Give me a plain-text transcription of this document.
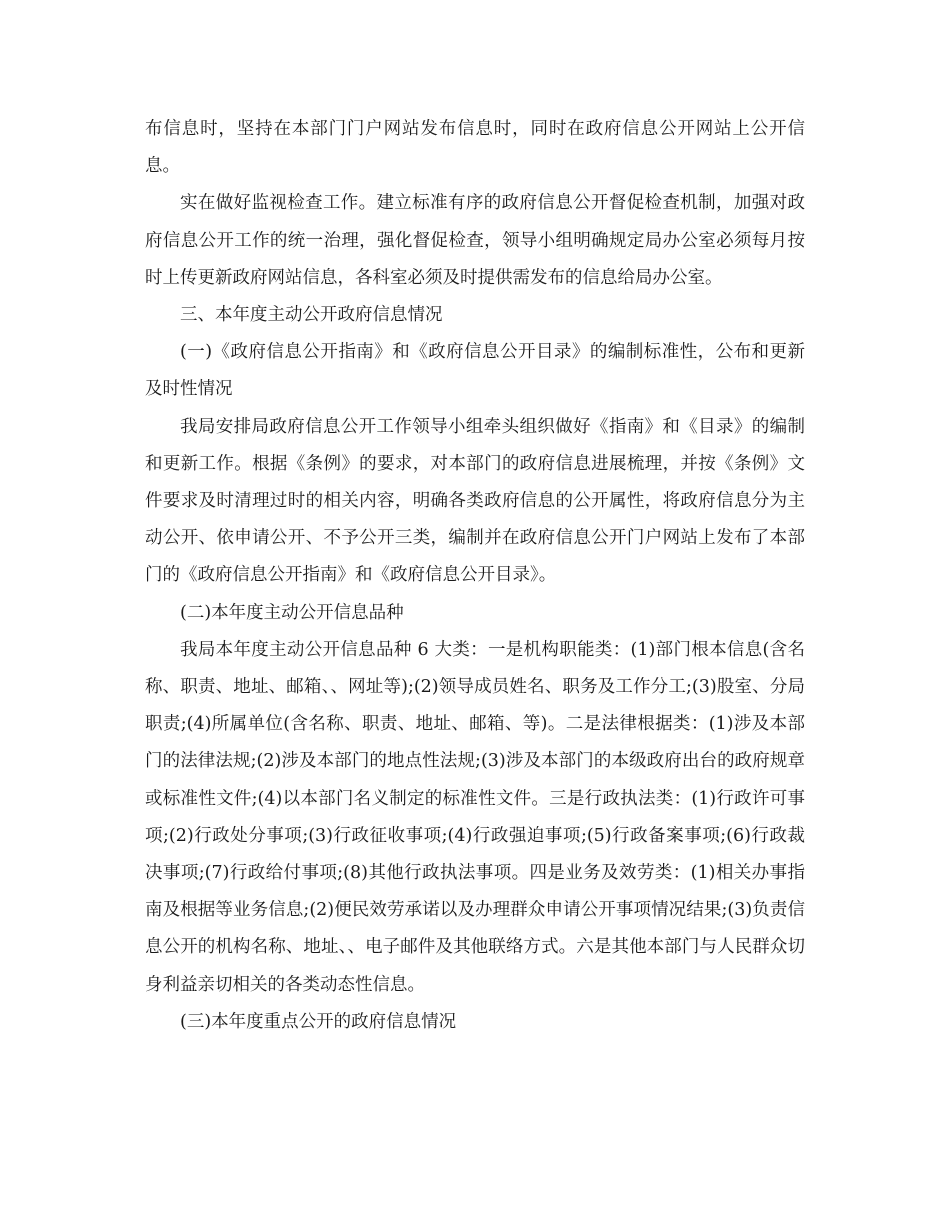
布信息时，坚持在本部门门户网站发布信息时，同时在政府信息公开网站上公开信息。

实在做好监视检查工作。建立标准有序的政府信息公开督促检查机制，加强对政府信息公开工作的统一治理，强化督促检查，领导小组明确规定局办公室必须每月按时上传更新政府网站信息，各科室必须及时提供需发布的信息给局办公室。

三、本年度主动公开政府信息情况

(一)《政府信息公开指南》和《政府信息公开目录》的编制标准性，公布和更新及时性情况

我局安排局政府信息公开工作领导小组牵头组织做好《指南》和《目录》的编制和更新工作。根据《条例》的要求，对本部门的政府信息进展梳理，并按《条例》文件要求及时清理过时的相关内容，明确各类政府信息的公开属性，将政府信息分为主动公开、依申请公开、不予公开三类，编制并在政府信息公开门户网站上发布了本部门的《政府信息公开指南》和《政府信息公开目录》。

(二)本年度主动公开信息品种

我局本年度主动公开信息品种 6 大类：一是机构职能类：(1)部门根本信息(含名称、职责、地址、邮箱、、网址等);(2)领导成员姓名、职务及工作分工;(3)股室、分局职责;(4)所属单位(含名称、职责、地址、邮箱、等)。二是法律根据类：(1)涉及本部门的法律法规;(2)涉及本部门的地点性法规;(3)涉及本部门的本级政府出台的政府规章或标准性文件;(4)以本部门名义制定的标准性文件。三是行政执法类：(1)行政许可事项;(2)行政处分事项;(3)行政征收事项;(4)行政强迫事项;(5)行政备案事项;(6)行政裁决事项;(7)行政给付事项;(8)其他行政执法事项。四是业务及效劳类：(1)相关办事指南及根据等业务信息;(2)便民效劳承诺以及办理群众申请公开事项情况结果;(3)负责信息公开的机构名称、地址、、电子邮件及其他联络方式。六是其他本部门与人民群众切身利益亲切相关的各类动态性信息。

(三)本年度重点公开的政府信息情况
